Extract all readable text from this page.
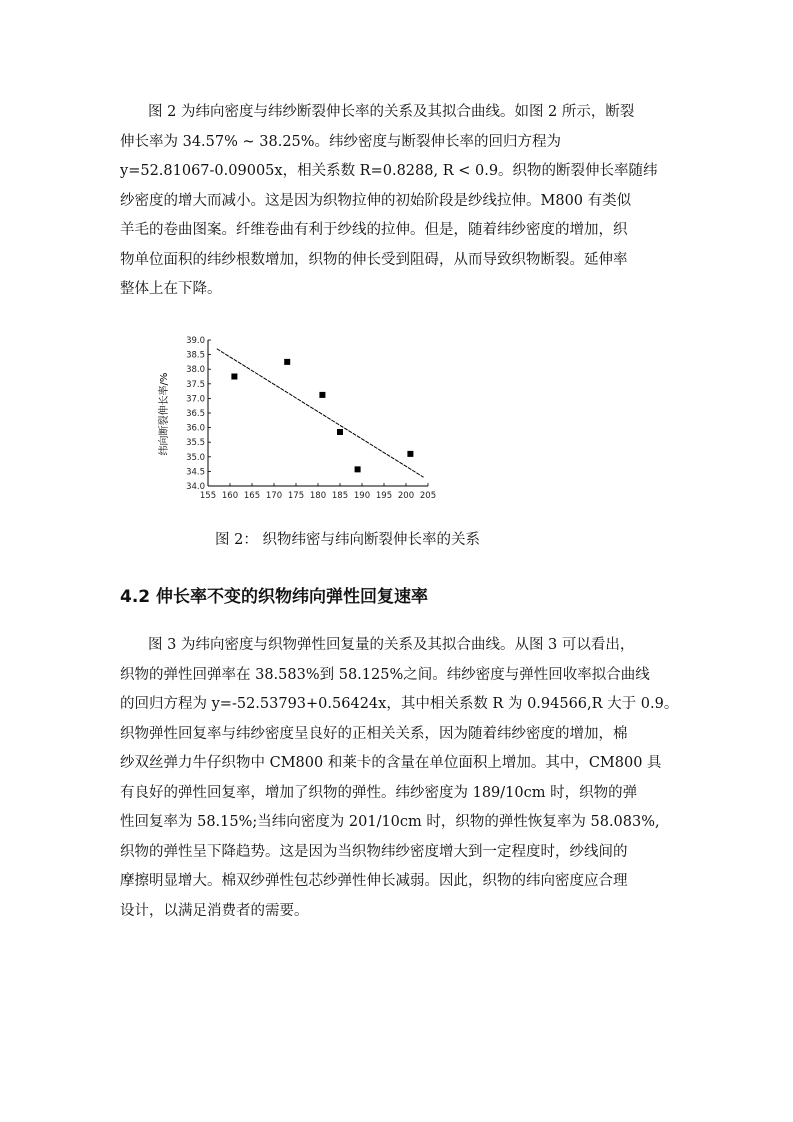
图 2 为纬向密度与纬纱断裂伸长率的关系及其拟合曲线。如图 2 所示，断裂
伸长率为 34.57% ~ 38.25%。纬纱密度与断裂伸长率的回归方程为
y=52.81067-0.09005x，相关系数 R=0.8288, R < 0.9。织物的断裂伸长率随纬
纱密度的增大而减小。这是因为织物拉伸的初始阶段是纱线拉伸。M800 有类似
羊毛的卷曲图案。纤维卷曲有利于纱线的拉伸。但是，随着纬纱密度的增加，织
物单位面积的纬纱根数增加，织物的伸长受到阻碍，从而导致织物断裂。延伸率
整体上在下降。
34.0
34.5
35.0
35.5
36.0
36.5
37.0
37.5
38.0
38.5
39.0
155 160 165 170 175 180 185 190 195 200 205
纬向断裂伸长率/%
图 2： 织物纬密与纬向断裂伸长率的关系
4.2 伸长率不变的织物纬向弹性回复速率
图 3 为纬向密度与织物弹性回复量的关系及其拟合曲线。从图 3 可以看出，
织物的弹性回弹率在 38.583%到 58.125%之间。纬纱密度与弹性回收率拟合曲线
的回归方程为 y=-52.53793+0.56424x，其中相关系数 R 为 0.94566,R 大于 0.9。
织物弹性回复率与纬纱密度呈良好的正相关关系，因为随着纬纱密度的增加，棉
纱双丝弹力牛仔织物中 CM800 和莱卡的含量在单位面积上增加。其中，CM800 具
有良好的弹性回复率，增加了织物的弹性。纬纱密度为 189/10cm 时，织物的弹
性回复率为 58.15%;当纬向密度为 201/10cm 时，织物的弹性恢复率为 58.083%,
织物的弹性呈下降趋势。这是因为当织物纬纱密度增大到一定程度时，纱线间的
摩擦明显增大。棉双纱弹性包芯纱弹性伸长减弱。因此，织物的纬向密度应合理
设计，以满足消费者的需要。
